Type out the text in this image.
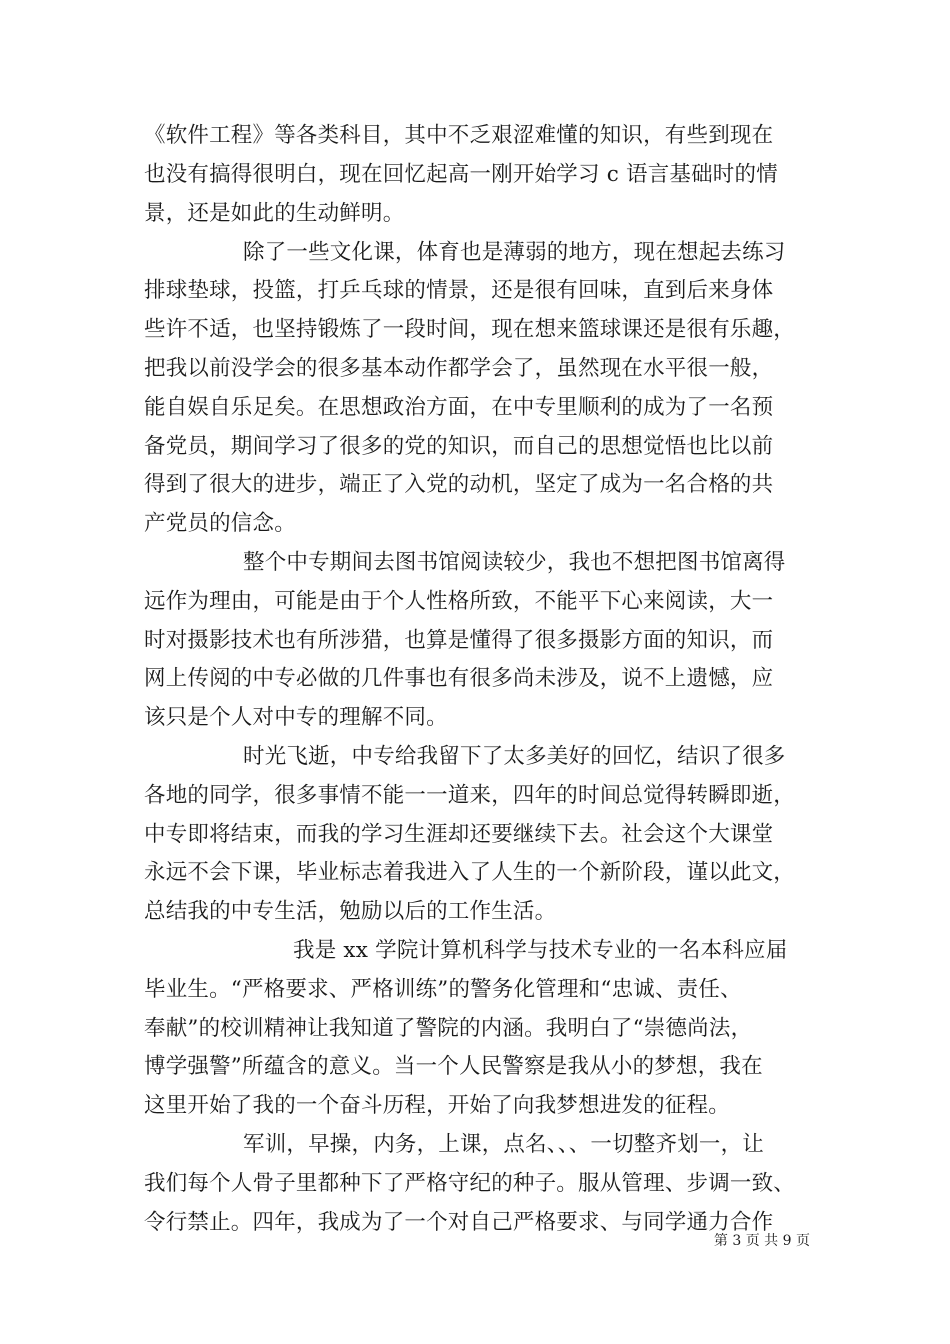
《软件工程》等各类科目，其中不乏艰涩难懂的知识，有些到现在
也没有搞得很明白，现在回忆起高一刚开始学习 c 语言基础时的情
景，还是如此的生动鲜明。
除了一些文化课，体育也是薄弱的地方，现在想起去练习
排球垫球，投篮，打乒乓球的情景，还是很有回味，直到后来身体
些许不适，也坚持锻炼了一段时间，现在想来篮球课还是很有乐趣，
把我以前没学会的很多基本动作都学会了，虽然现在水平很一般，
能自娱自乐足矣。在思想政治方面，在中专里顺利的成为了一名预
备党员，期间学习了很多的党的知识，而自己的思想觉悟也比以前
得到了很大的进步，端正了入党的动机，坚定了成为一名合格的共
产党员的信念。
整个中专期间去图书馆阅读较少，我也不想把图书馆离得
远作为理由，可能是由于个人性格所致，不能平下心来阅读，大一
时对摄影技术也有所涉猎，也算是懂得了很多摄影方面的知识，而
网上传阅的中专必做的几件事也有很多尚未涉及，说不上遗憾，应
该只是个人对中专的理解不同。
时光飞逝，中专给我留下了太多美好的回忆，结识了很多
各地的同学，很多事情不能一一道来，四年的时间总觉得转瞬即逝，
中专即将结束，而我的学习生涯却还要继续下去。社会这个大课堂
永远不会下课，毕业标志着我进入了人生的一个新阶段，谨以此文，
总结我的中专生活，勉励以后的工作生活。
我是 xx 学院计算机科学与技术专业的一名本科应届
毕业生。“严格要求、严格训练”的警务化管理和“忠诚、责任、
奉献”的校训精神让我知道了警院的内涵。我明白了“崇德尚法，
博学强警”所蕴含的意义。当一个人民警察是我从小的梦想，我在
这里开始了我的一个奋斗历程，开始了向我梦想进发的征程。
军训，早操，内务，上课，点名、、、一切整齐划一，让
我们每个人骨子里都种下了严格守纪的种子。服从管理、步调一致、
令行禁止。四年，我成为了一个对自己严格要求、与同学通力合作
第 3 页 共 9 页
